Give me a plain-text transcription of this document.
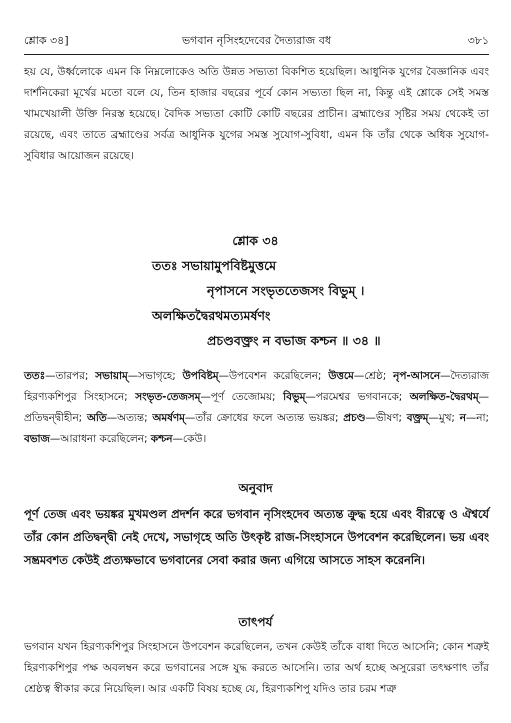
শ্লোক ৩৪]	ভগবান নৃসিংহদেবের দৈত্যরাজ বধ	৩৮১
হয় যে, উর্ধ্বলোকে এমন কি নিম্নলোকেও অতি উন্নত সভ্যতা বিকশিত হয়েছিল। আধুনিক যুগের বৈজ্ঞানিক এবং দার্শনিকেরা মূর্খের মতো বলে যে, তিন হাজার বছরের পূর্বে কোন সভ্যতা ছিল না, কিন্তু এই শ্লোকে সেই সমস্ত খামখেয়ালী উক্তি নিরস্ত হয়েছে। বৈদিক সভ্যতা কোটি কোটি বছরের প্রাচীন। ব্রহ্মাণ্ডের সৃষ্টির সময় থেকেই তা রয়েছে, এবং তাতে ব্রহ্মাণ্ডের সর্বত্র আধুনিক যুগের সমস্ত সুযোগ-সুবিধা, এমন কি তাঁর থেকে অধিক সুযোগ-সুবিধার আয়োজন রয়েছে।
শ্লোক ৩৪
ততঃ সভায়ামুপবিষ্টমুত্তমে
নৃপাসনে সংভৃততেজসং বিভুম্ ।
অলক্ষিতদ্বৈরথমত্যমর্ষণং
প্রচণ্ডবক্ত্রং ন বভাজ কশ্চন ॥ ৩৪ ॥
ততঃ—তারপর; সভায়াম্—সভাগৃহে; উপবিষ্টম্—উপবেশন করেছিলেন; উত্তমে—শ্রেষ্ঠ; নৃপ-আসনে—দৈত্যরাজ হিরণ্যকশিপুর সিংহাসনে; সংভৃত-তেজসম্—পূর্ণ তেজোময়; বিভুম্—পরমেশ্বর ভগবানকে; অলক্ষিত-দ্বৈরথম্—প্রতিদ্বন্দ্বীহীন; অতি—অত্যন্ত; অমর্ষণম্—তাঁর ক্রোধের ফলে অত্যন্ত ভয়ঙ্কর; প্রচণ্ড—ভীষণ; বক্ত্রম্—মুখ; ন—না; বভাজ—আরাধনা করেছিলেন; কশ্চন—কেউ।
অনুবাদ
পূর্ণ তেজ এবং ভয়ঙ্কর মুখমণ্ডল প্রদর্শন করে ভগবান নৃসিংহদেব অত্যন্ত ক্রুদ্ধ হয়ে এবং বীরত্বে ও ঐশ্বর্যে তাঁর কোন প্রতিদ্বন্দ্বী নেই দেখে, সভাগৃহে অতি উৎকৃষ্ট রাজ-সিংহাসনে উপবেশন করেছিলেন। ভয় এবং সম্ভ্রমবশত কেউই প্রত্যক্ষভাবে ভগবানের সেবা করার জন্য এগিয়ে আসতে সাহস করেননি।
তাৎপর্য
ভগবান যখন হিরণ্যকশিপুর সিংহাসনে উপবেশন করেছিলেন, তখন কেউই তাঁকে বাধা দিতে আসেনি; কোন শত্রুই হিরণ্যকশিপুর পক্ষ অবলম্বন করে ভগবানের সঙ্গে যুদ্ধ করতে আসেনি। তার অর্থ হচ্ছে অসুরেরা তৎক্ষণাৎ তাঁর শ্রেষ্ঠত্ব স্বীকার করে নিয়েছিল। আর একটি বিষয় হচ্ছে যে, হিরণ্যকশিপু যদিও তার চরম শত্রু
